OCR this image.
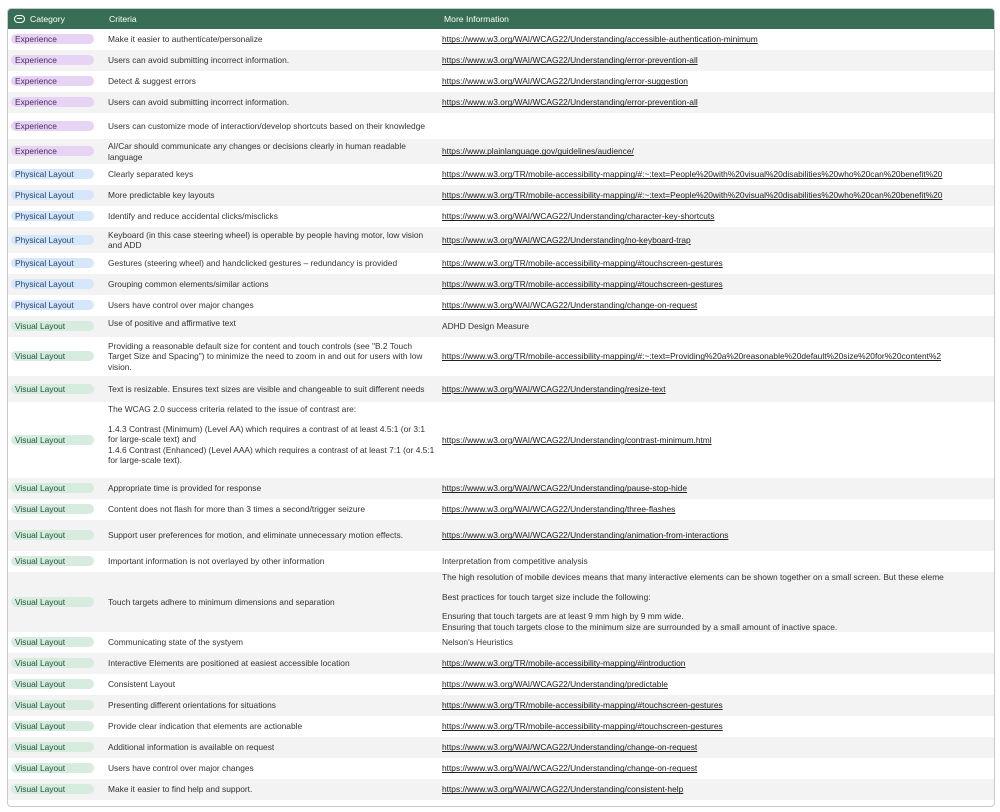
Category	Criteria	More Information
Experience	Make it easier to authenticate/personalize	https://www.w3.org/WAI/WCAG22/Understanding/accessible-authentication-minimum
Experience	Users can avoid submitting incorrect information.	https://www.w3.org/WAI/WCAG22/Understanding/error-prevention-all
Experience	Detect & suggest errors	https://www.w3.org/WAI/WCAG22/Understanding/error-suggestion
Experience	Users can avoid submitting incorrect information.	https://www.w3.org/WAI/WCAG22/Understanding/error-prevention-all
Experience	Users can customize mode of interaction/develop shortcuts based on their knowledge	
Experience	AI/Car should communicate any changes or decisions clearly in human readable language	https://www.plainlanguage.gov/guidelines/audience/
Physical Layout	Clearly separated keys	https://www.w3.org/TR/mobile-accessibility-mapping/#:~:text=People%20with%20visual%20disabilities%20who%20can%20benefit%20
Physical Layout	More predictable key layouts	https://www.w3.org/TR/mobile-accessibility-mapping/#:~:text=People%20with%20visual%20disabilities%20who%20can%20benefit%20
Physical Layout	Identify and reduce accidental clicks/misclicks	https://www.w3.org/WAI/WCAG22/Understanding/character-key-shortcuts
Physical Layout	Keyboard (in this case steering wheel) is operable by people having motor, low vision and ADD	https://www.w3.org/WAI/WCAG22/Understanding/no-keyboard-trap
Physical Layout	Gestures (steering wheel) and handclicked gestures – redundancy is provided	https://www.w3.org/TR/mobile-accessibility-mapping/#touchscreen-gestures
Physical Layout	Grouping common elements/similar actions	https://www.w3.org/TR/mobile-accessibility-mapping/#touchscreen-gestures
Physical Layout	Users have control over major changes	https://www.w3.org/WAI/WCAG22/Understanding/change-on-request
Visual Layout	Use of positive and affirmative text	ADHD Design Measure
Visual Layout	Providing a reasonable default size for content and touch controls (see "B.2 Touch Target Size and Spacing") to minimize the need to zoom in and out for users with low vision.	https://www.w3.org/TR/mobile-accessibility-mapping/#:~:text=Providing%20a%20reasonable%20default%20size%20for%20content%2
Visual Layout	Text is resizable. Ensures text sizes are visible and changeable to suit different needs	https://www.w3.org/WAI/WCAG22/Understanding/resize-text
Visual Layout	The WCAG 2.0 success criteria related to the issue of contrast are:
1.4.3 Contrast (Minimum) (Level AA) which requires a contrast of at least 4.5:1 (or 3:1 for large-scale text) and
1.4.6 Contrast (Enhanced) (Level AAA) which requires a contrast of at least 7:1 (or 4.5:1 for large-scale text).	https://www.w3.org/WAI/WCAG22/Understanding/contrast-minimum.html
Visual Layout	Appropriate time is provided for response	https://www.w3.org/WAI/WCAG22/Understanding/pause-stop-hide
Visual Layout	Content does not flash for more than 3 times a second/trigger seizure	https://www.w3.org/WAI/WCAG22/Understanding/three-flashes
Visual Layout	Support user preferences for motion, and eliminate unnecessary motion effects.	https://www.w3.org/WAI/WCAG22/Understanding/animation-from-interactions
Visual Layout	Important information is not overlayed by other information	Interpretation from competitive analysis
Visual Layout	Touch targets adhere to minimum dimensions and separation	The high resolution of mobile devices means that many interactive elements can be shown together on a small screen. But these eleme
Best practices for touch target size include the following:
Ensuring that touch targets are at least 9 mm high by 9 mm wide.
Ensuring that touch targets close to the minimum size are surrounded by a small amount of inactive space.

Visual Layout	Communicating state of the systyem	Nelson's Heuristics
Visual Layout	Interactive Elements are positioned at easiest accessible location	https://www.w3.org/TR/mobile-accessibility-mapping/#introduction
Visual Layout	Consistent Layout	https://www.w3.org/WAI/WCAG22/Understanding/predictable
Visual Layout	Presenting different orientations for situations	https://www.w3.org/TR/mobile-accessibility-mapping/#touchscreen-gestures
Visual Layout	Provide clear indication that elements are actionable	https://www.w3.org/TR/mobile-accessibility-mapping/#touchscreen-gestures
Visual Layout	Additional information is available on request	https://www.w3.org/WAI/WCAG22/Understanding/change-on-request
Visual Layout	Users have control over major changes	https://www.w3.org/WAI/WCAG22/Understanding/change-on-request
Visual Layout	Make it easier to find help and support.	https://www.w3.org/WAI/WCAG22/Understanding/consistent-help
